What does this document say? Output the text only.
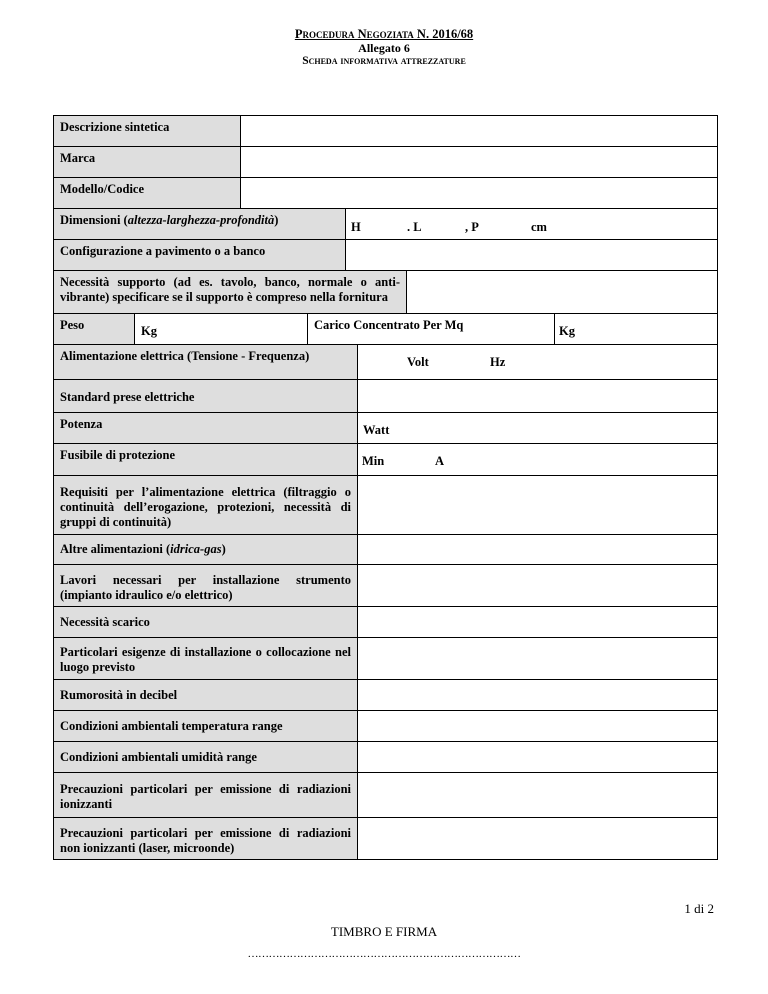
Procedura Negoziata N. 2016/68
Allegato 6
Scheda informativa attrezzature
Descrizione sintetica
Marca
Modello/Codice
Dimensioni (altezza-larghezza-profondità)	H	. L	, P	cm
Configurazione a pavimento o a banco
Necessità supporto (ad es. tavolo, banco, normale o anti-vibrante) specificare se il supporto è compreso nella fornitura
Peso	Kg	Carico Concentrato Per Mq	Kg
Alimentazione elettrica (Tensione - Frequenza)	Volt	Hz
Standard prese elettriche
Potenza	Watt
Fusibile di protezione	Min	A
Requisiti per l’alimentazione elettrica (filtraggio o continuità dell’erogazione, protezioni, necessità di gruppi di continuità)
Altre alimentazioni (idrica-gas)
Lavori necessari per installazione strumento (impianto idraulico e/o elettrico)
Necessità scarico
Particolari esigenze di installazione o collocazione nel luogo previsto
Rumorosità in decibel
Condizioni ambientali temperatura range
Condizioni ambientali umidità range
Precauzioni particolari per emissione di radiazioni ionizzanti
Precauzioni particolari per emissione di radiazioni non ionizzanti (laser, microonde)
1 di 2
TIMBRO E FIRMA
……………………………………………………………………
